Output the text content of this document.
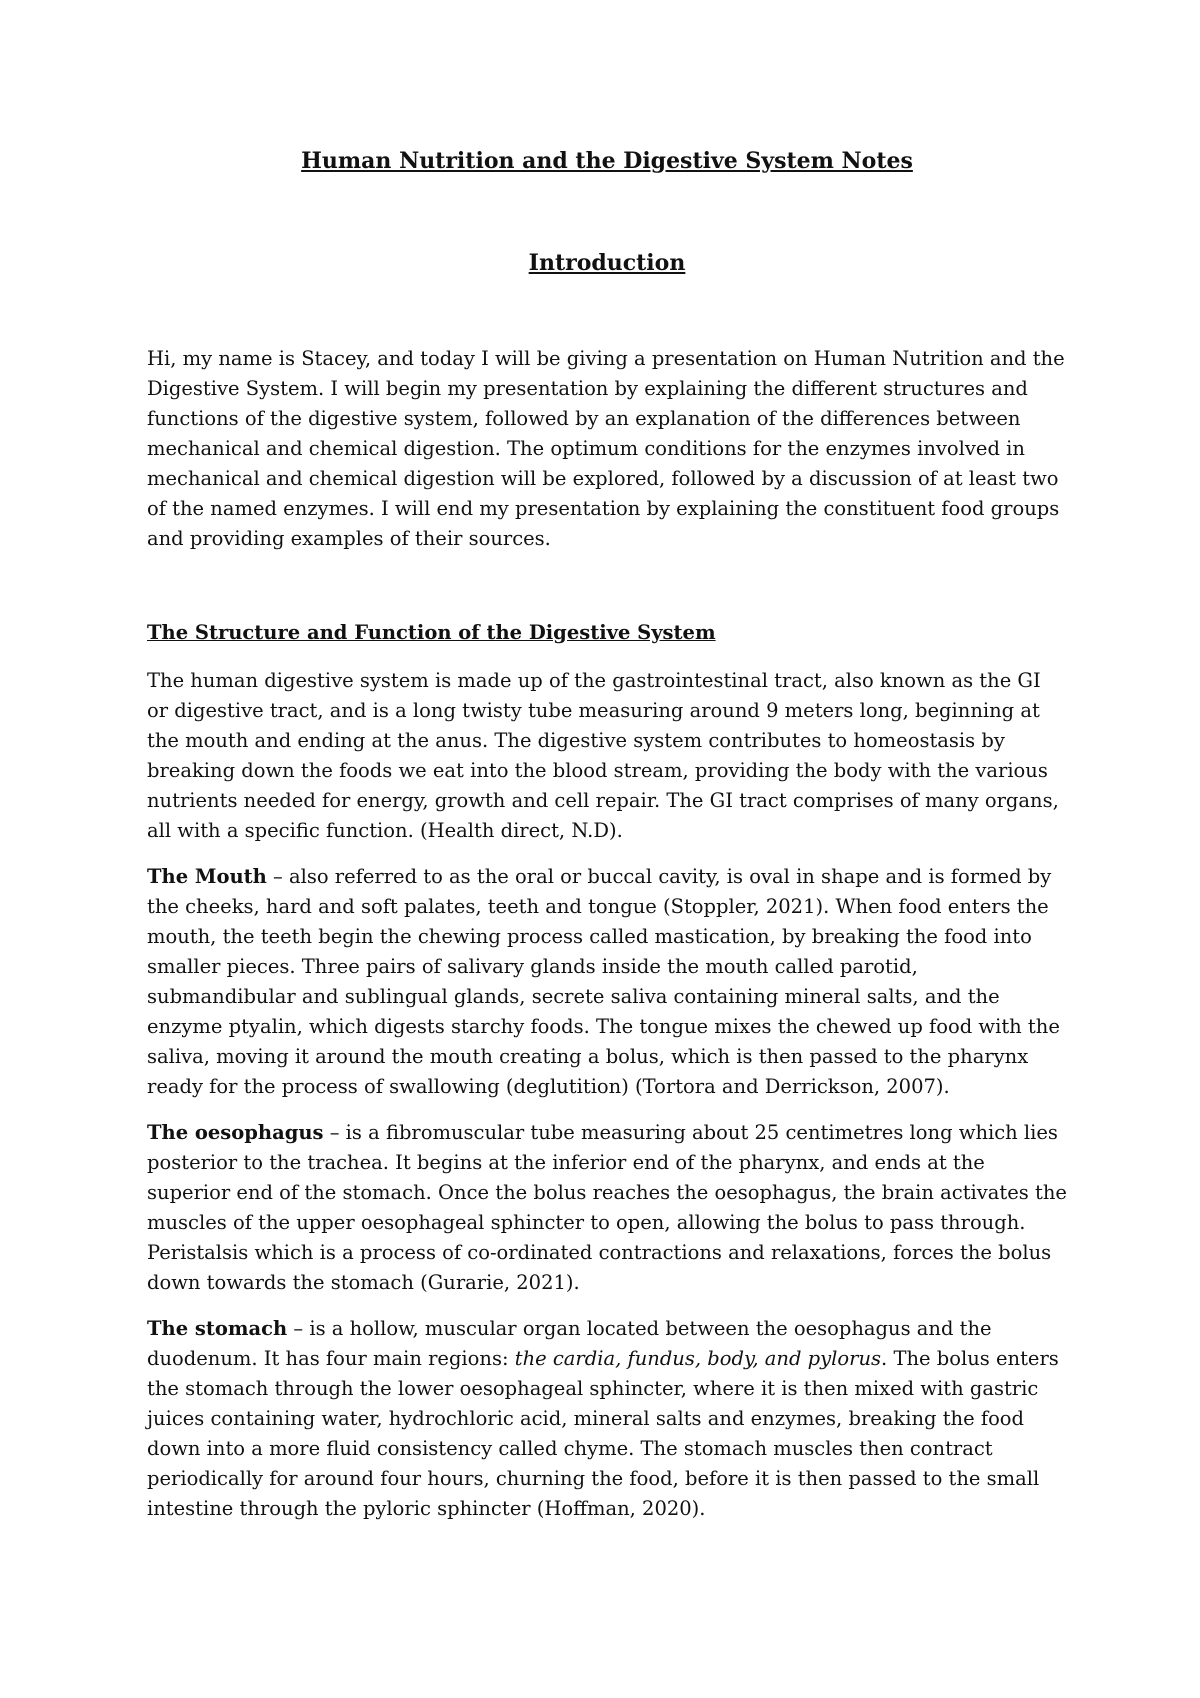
Human Nutrition and the Digestive System Notes
Introduction

Hi, my name is Stacey, and today I will be giving a presentation on Human Nutrition and the Digestive System. I will begin my presentation by explaining the different structures and functions of the digestive system, followed by an explanation of the differences between mechanical and chemical digestion. The optimum conditions for the enzymes involved in mechanical and chemical digestion will be explored, followed by a discussion of at least two of the named enzymes. I will end my presentation by explaining the constituent food groups and providing examples of their sources.

The Structure and Function of the Digestive System

The human digestive system is made up of the gastrointestinal tract, also known as the GI or digestive tract, and is a long twisty tube measuring around 9 meters long, beginning at the mouth and ending at the anus. The digestive system contributes to homeostasis by breaking down the foods we eat into the blood stream, providing the body with the various nutrients needed for energy, growth and cell repair. The GI tract comprises of many organs, all with a specific function. (Health direct, N.D).

The Mouth – also referred to as the oral or buccal cavity, is oval in shape and is formed by the cheeks, hard and soft palates, teeth and tongue (Stoppler, 2021). When food enters the mouth, the teeth begin the chewing process called mastication, by breaking the food into smaller pieces. Three pairs of salivary glands inside the mouth called parotid, submandibular and sublingual glands, secrete saliva containing mineral salts, and the enzyme ptyalin, which digests starchy foods. The tongue mixes the chewed up food with the saliva, moving it around the mouth creating a bolus, which is then passed to the pharynx ready for the process of swallowing (deglutition) (Tortora and Derrickson, 2007).

The oesophagus – is a fibromuscular tube measuring about 25 centimetres long which lies posterior to the trachea. It begins at the inferior end of the pharynx, and ends at the superior end of the stomach. Once the bolus reaches the oesophagus, the brain activates the muscles of the upper oesophageal sphincter to open, allowing the bolus to pass through. Peristalsis which is a process of co-ordinated contractions and relaxations, forces the bolus down towards the stomach (Gurarie, 2021).

The stomach – is a hollow, muscular organ located between the oesophagus and the duodenum. It has four main regions: the cardia, fundus, body, and pylorus. The bolus enters the stomach through the lower oesophageal sphincter, where it is then mixed with gastric juices containing water, hydrochloric acid, mineral salts and enzymes, breaking the food down into a more fluid consistency called chyme. The stomach muscles then contract periodically for around four hours, churning the food, before it is then passed to the small intestine through the pyloric sphincter (Hoffman, 2020).
